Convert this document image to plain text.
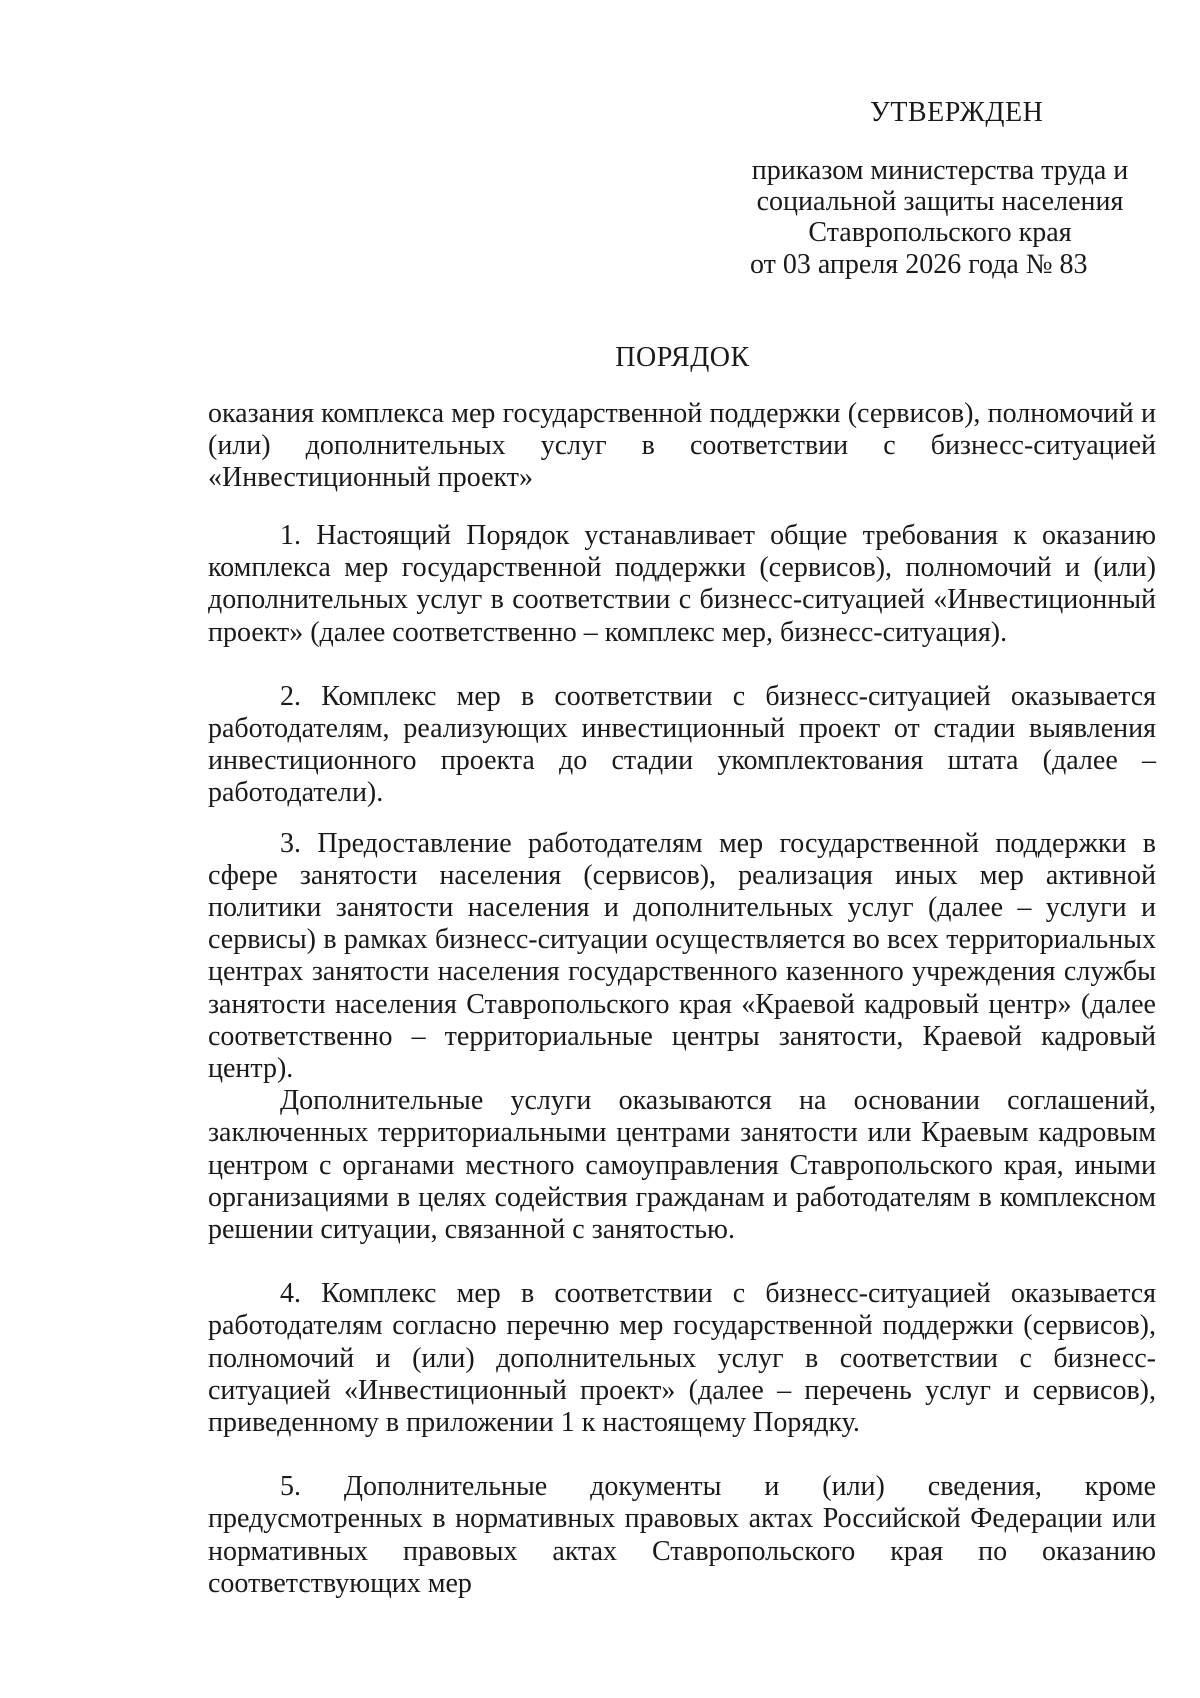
УТВЕРЖДЕН
приказом министерства труда и социальной защиты населения Ставропольского края
от 03 апреля 2026 года № 83
ПОРЯДОК
оказания комплекса мер государственной поддержки (сервисов), полномочий и (или) дополнительных услуг в соответствии с бизнесс-ситуацией «Инвестиционный проект»

1. Настоящий Порядок устанавливает общие требования к оказанию комплекса мер государственной поддержки (сервисов), полномочий и (или) дополнительных услуг в соответствии с бизнесс-ситуацией «Инвестиционный проект» (далее соответственно – комплекс мер, бизнесс-ситуация).

2. Комплекс мер в соответствии с бизнесс-ситуацией оказывается работодателям, реализующих инвестиционный проект от стадии выявления инвестиционного проекта до стадии укомплектования штата (далее – работодатели).

3. Предоставление работодателям мер государственной поддержки в сфере занятости населения (сервисов), реализация иных мер активной политики занятости населения и дополнительных услуг (далее – услуги и сервисы) в рамках бизнесс-ситуации осуществляется во всех территориальных центрах занятости населения государственного казенного учреждения службы занятости населения Ставропольского края «Краевой кадровый центр» (далее соответственно – территориальные центры занятости, Краевой кадровый центр).

Дополнительные услуги оказываются на основании соглашений, заключенных территориальными центрами занятости или Краевым кадровым центром с органами местного самоуправления Ставропольского края, иными организациями в целях содействия гражданам и работодателям в комплексном решении ситуации, связанной с занятостью.

4. Комплекс мер в соответствии с бизнесс-ситуацией оказывается работодателям согласно перечню мер государственной поддержки (сервисов), полномочий и (или) дополнительных услуг в соответствии с бизнесс-ситуацией «Инвестиционный проект» (далее – перечень услуг и сервисов), приведенному в приложении 1 к настоящему Порядку.

5. Дополнительные документы и (или) сведения, кроме предусмотренных в нормативных правовых актах Российской Федерации или нормативных правовых актах Ставропольского края по оказанию соответствующих мер
